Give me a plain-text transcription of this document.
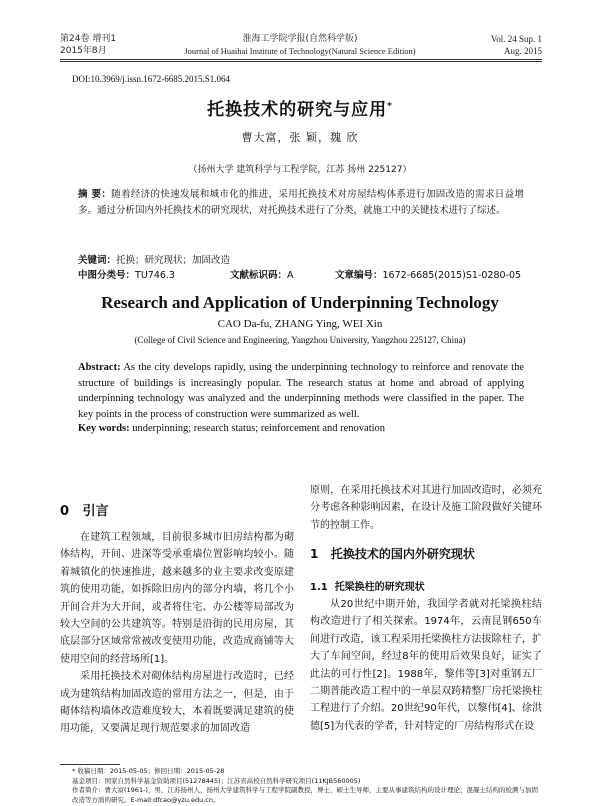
第24卷 增刊1
2015年8月
淮海工学院学报(自然科学版)
Journal of Huaihai Institute of Technology(Natural Science Edition)
Vol. 24 Sup. 1
Aug. 2015
DOI:10.3969/j.issn.1672-6685.2015.S1.064
托换技术的研究与应用*
曹大富，张 颖，魏 欣
（扬州大学 建筑科学与工程学院，江苏 扬州 225127）
摘 要：随着经济的快速发展和城市化的推进，采用托换技术对房屋结构体系进行加固改造的需求日益增多。通过分析国内外托换技术的研究现状，对托换技术进行了分类，就施工中的关键技术进行了综述。
关键词：托换；研究现状；加固改造
中图分类号：TU746.3	文献标识码：A	文章编号：1672-6685(2015)S1-0280-05
Research and Application of Underpinning Technology
CAO Da-fu, ZHANG Ying, WEI Xin
(College of Civil Science and Engineering, Yangzhou University, Yangzhou 225127, China)
Abstract: As the city develops rapidly, using the underpinning technology to reinforce and renovate the structure of buildings is increasingly popular. The research status at home and abroad of applying underpinning technology was analyzed and the underpinning methods were classified in the paper. The key points in the process of construction were summarized as well.
Key words: underpinning; research status; reinforcement and renovation
0 引言

在建筑工程领域，目前很多城市旧房结构都为砌体结构，开间、进深等受承重墙位置影响均较小。随着城镇化的快速推进，越来越多的业主要求改变原建筑的使用功能，如拆除旧房内的部分内墙，将几个小开间合并为大开间，或者将住宅、办公楼等局部改为较大空间的公共建筑等。特别是沿街的民用房屋，其底层部分区域常常被改变使用功能，改造成商铺等大使用空间的经营场所[1]。

采用托换技术对砌体结构房屋进行改造时，已经成为建筑结构加固改造的常用方法之一，但是，由于砌体结构墙体改造难度较大，本着既要满足建筑的使用功能，又要满足现行规范要求的加固改造

原则，在采用托换技术对其进行加固改造时，必须充分考虑各种影响因素，在设计及施工阶段做好关键环节的控制工作。

1 托换技术的国内外研究现状
1.1 托梁换柱的研究现状

从20世纪中期开始，我国学者就对托梁换柱结构改造进行了相关探索。1974年，云南昆钢650车间进行改造，该工程采用托梁换柱方法拔除柱子，扩大了车间空间，经过8年的使用后效果良好，证实了此法的可行性[2]。1988年，黎伟等[3]对重钢五厂二期普能改造工程中的一单层双跨精整厂房托梁换柱工程进行了介绍。20世纪90年代，以黎伟[4]、徐洪德[5]为代表的学者，针对特定的厂房结构形式在设

* 收稿日期：2015-05-05；修回日期：2015-05-28
基金项目：国家自然科学基金资助项目(51278445)；江苏省高校自然科学研究项目(11KJB560005)
作者简介：曹大富(1961-)，男，江苏扬州人，扬州大学建筑科学与工程学院副教授，博士，硕士生导师，主要从事建筑结构的设计理论、混凝土结构的检测与加固改造等方面的研究。E-mail:dfcao@yzu.edu.cn。
